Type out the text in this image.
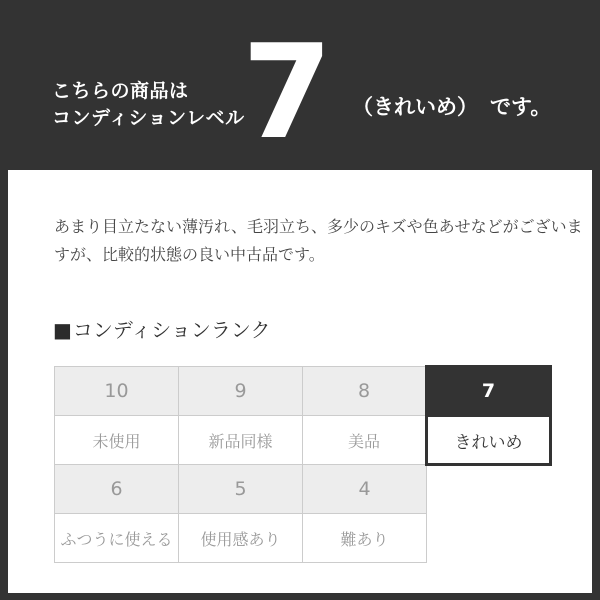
こちらの商品は
コンディションレベル
7 （きれいめ） です。

あまり目立たない薄汚れ、毛羽立ち、多少のキズや色あせなどがございま
すが、比較的状態の良い中古品です。

■コンディションランク
10	9	8	7
未使用	新品同様	美品	きれいめ
6	5	4	
ふつうに使える	使用感あり	難あり	
